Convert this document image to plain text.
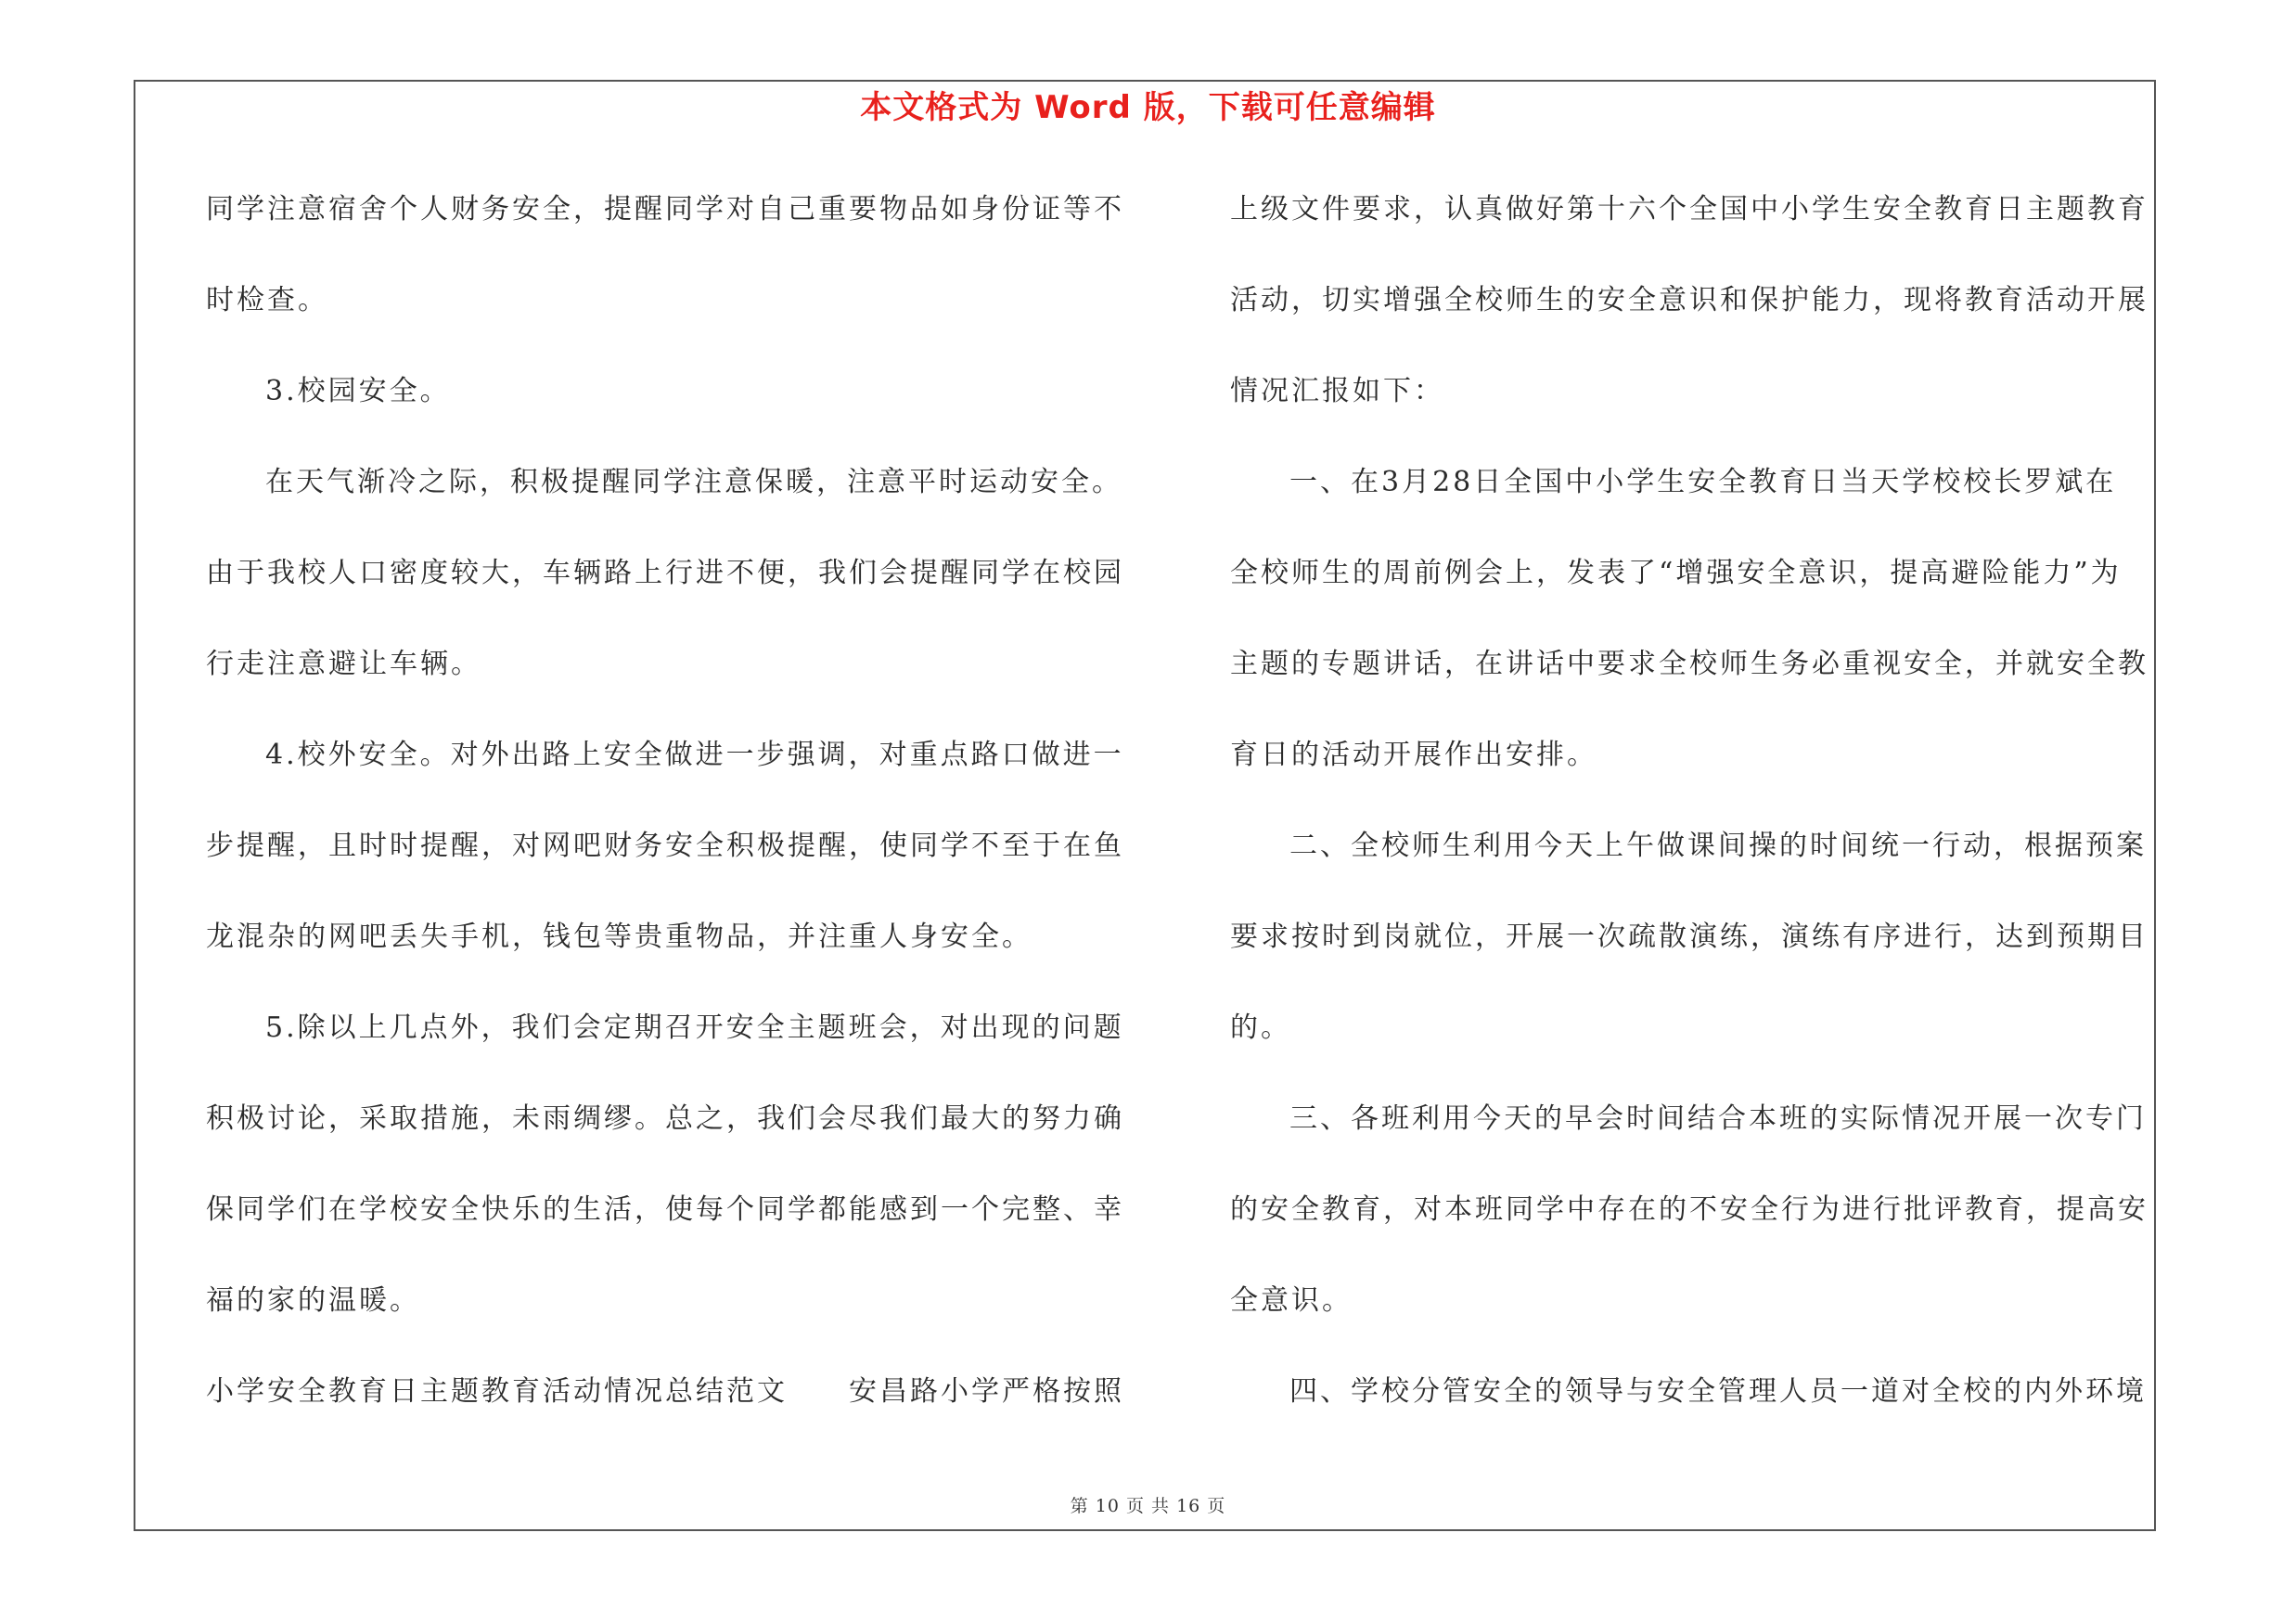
本文格式为 Word 版，下载可任意编辑
同学注意宿舍个人财务安全，提醒同学对自己重要物品如身份证等不
时检查。
3.校园安全。
在天气渐冷之际，积极提醒同学注意保暖，注意平时运动安全。
由于我校人口密度较大，车辆路上行进不便，我们会提醒同学在校园
行走注意避让车辆。
4.校外安全。对外出路上安全做进一步强调，对重点路口做进一
步提醒，且时时提醒，对网吧财务安全积极提醒，使同学不至于在鱼
龙混杂的网吧丢失手机，钱包等贵重物品，并注重人身安全。
5.除以上几点外，我们会定期召开安全主题班会，对出现的问题
积极讨论，采取措施，未雨绸缪。总之，我们会尽我们最大的努力确
保同学们在学校安全快乐的生活，使每个同学都能感到一个完整、幸
福的家的温暖。
小学安全教育日主题教育活动情况总结范文　　安昌路小学严格按照
上级文件要求，认真做好第十六个全国中小学生安全教育日主题教育
活动，切实增强全校师生的安全意识和保护能力，现将教育活动开展
情况汇报如下：
一、在3月28日全国中小学生安全教育日当天学校校长罗斌在
全校师生的周前例会上，发表了“增强安全意识，提高避险能力”为
主题的专题讲话，在讲话中要求全校师生务必重视安全，并就安全教
育日的活动开展作出安排。
二、全校师生利用今天上午做课间操的时间统一行动，根据预案
要求按时到岗就位，开展一次疏散演练，演练有序进行，达到预期目
的。
三、各班利用今天的早会时间结合本班的实际情况开展一次专门
的安全教育，对本班同学中存在的不安全行为进行批评教育，提高安
全意识。
四、学校分管安全的领导与安全管理人员一道对全校的内外环境
第 10 页 共 16 页
